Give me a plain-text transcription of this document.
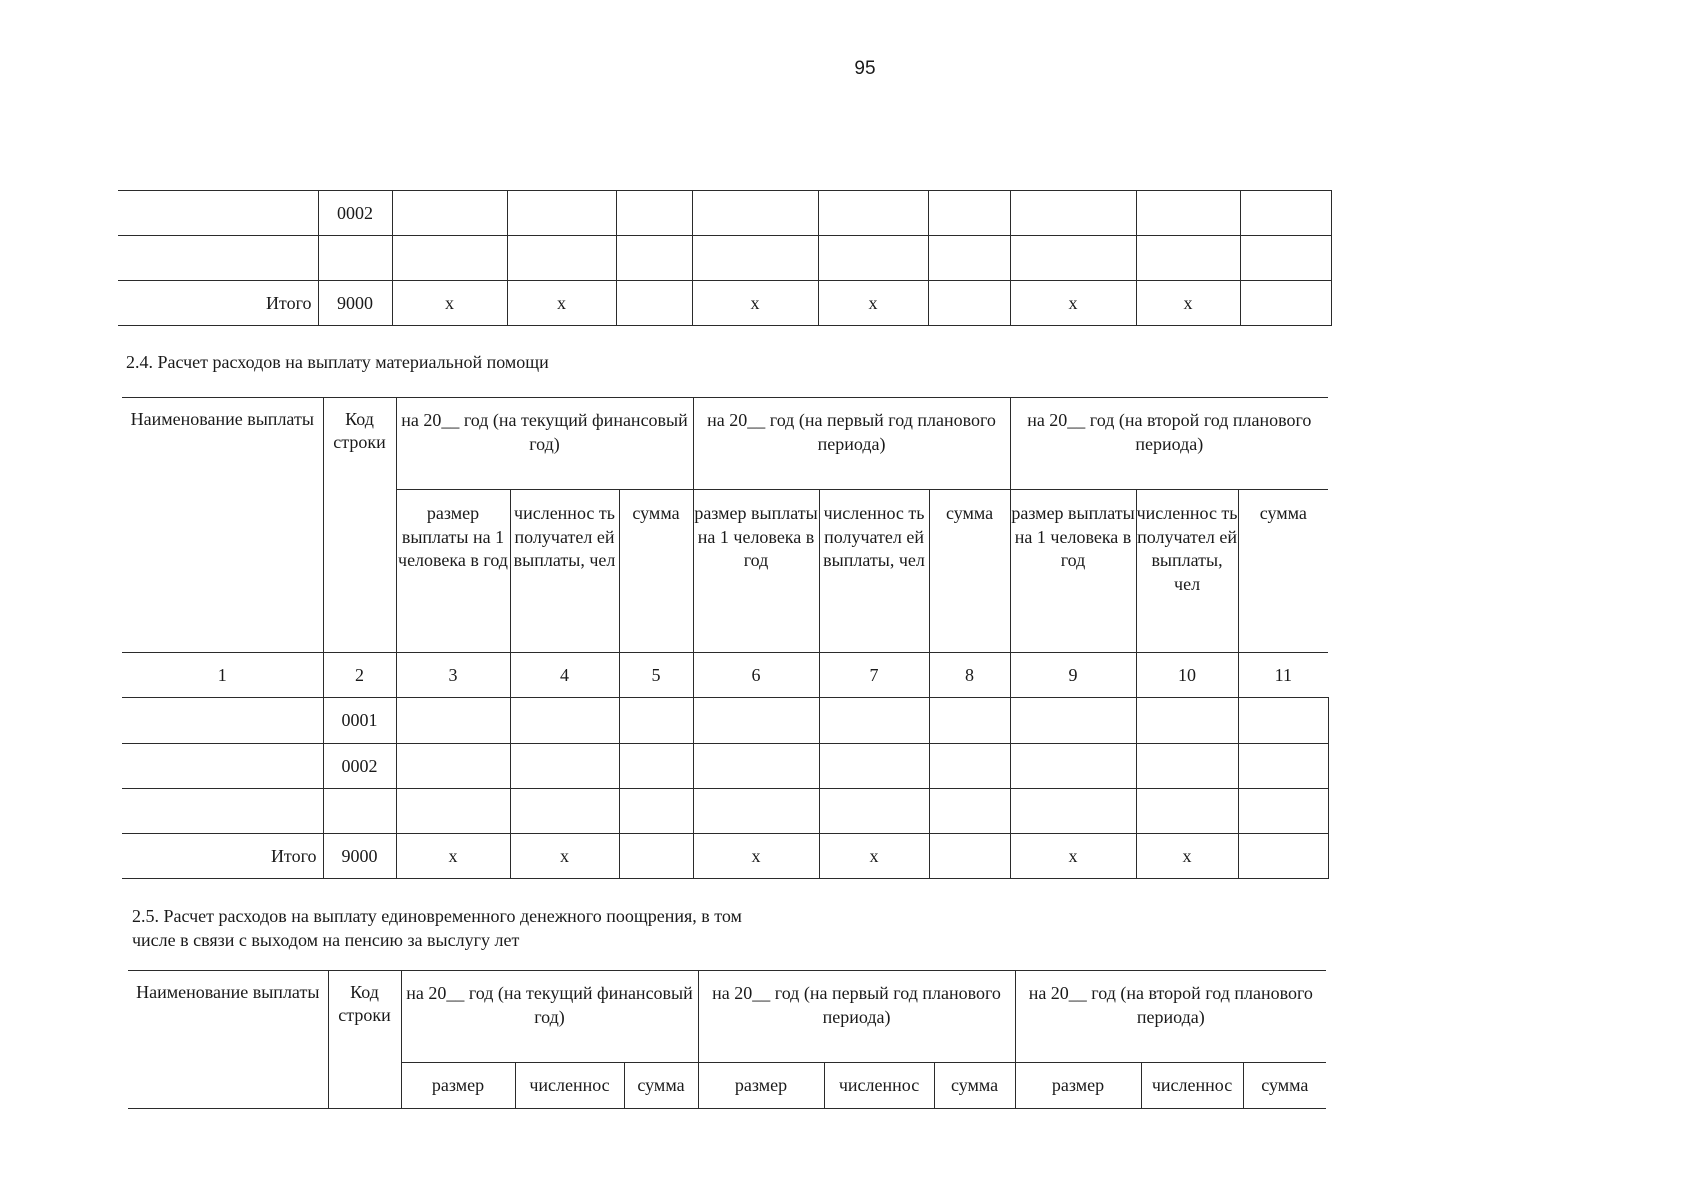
95
	0002									

Итого	9000	х	х		х	х		х	х	
2.4. Расчет расходов на выплату материальной помощи
Наименование выплаты	Код строки	на 20__ год (на текущий финансовый год)			на 20__ год (на первый год планового периода)			на 20__ год (на второй год планового периода)		
		размер выплаты на 1 человека в год	численнос ть получател ей выплаты, чел	сумма	размер выплаты на 1 человека в год	численнос ть получател ей выплаты, чел	сумма	размер выплаты на 1 человека в год	численнос ть получател ей выплаты, чел	сумма
1	2	3	4	5	6	7	8	9	10	11
	0001									
	0002									

Итого	9000	х	х		х	х		х	х	
2.5. Расчет расходов на выплату единовременного денежного поощрения, в том
числе в связи с выходом на пенсию за выслугу лет
Наименование выплаты	Код строки	на 20__ год (на текущий финансовый год)			на 20__ год (на первый год планового периода)			на 20__ год (на второй год планового периода)		
		размер	численнос	сумма	размер	численнос	сумма	размер	численнос	сумма
